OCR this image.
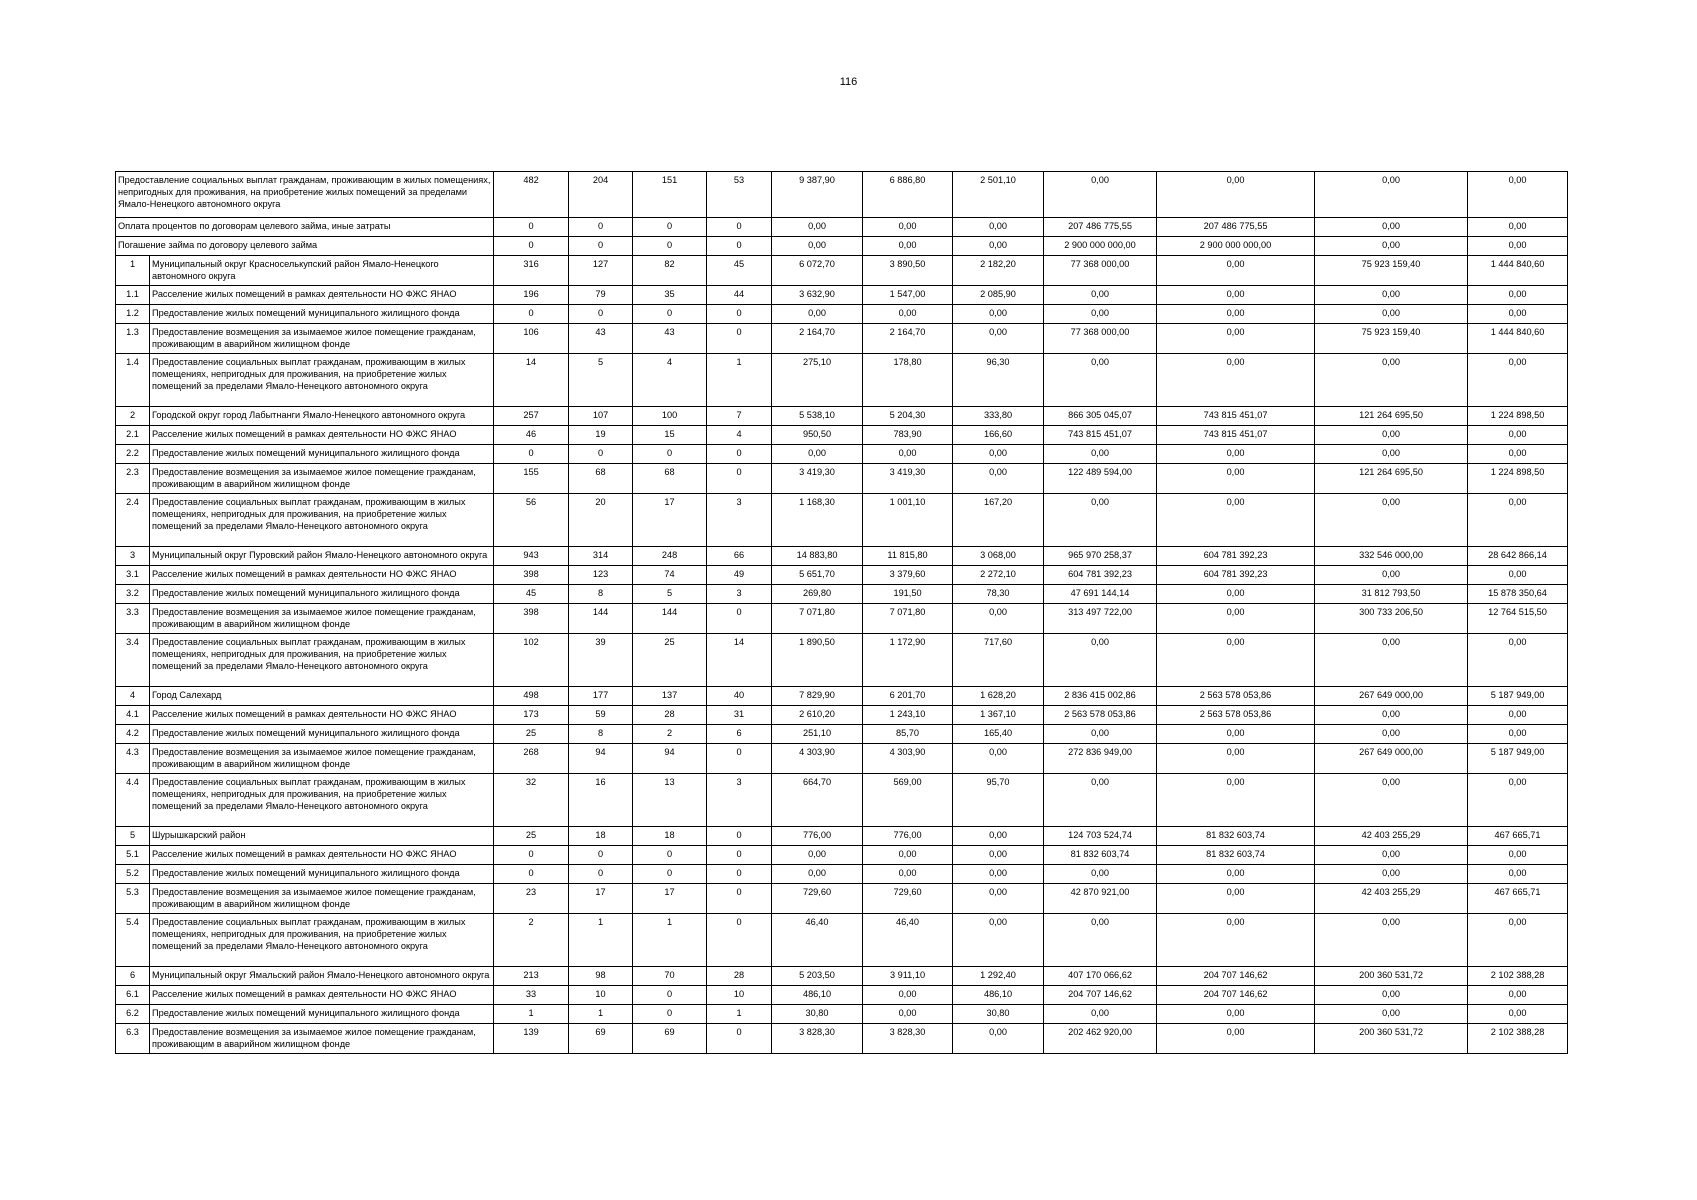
116
Предоставление социальных выплат гражданам, проживающим в жилых помещениях, непригодных для проживания, на приобретение жилых помещений за пределами Ямало-Ненецкого автономного округа		482	204	151	53	9 387,90	6 886,80	2 501,10	0,00	0,00	0,00	0,00
Оплата процентов по договорам целевого займа, иные затраты		0	0	0	0	0,00	0,00	0,00	207 486 775,55	207 486 775,55	0,00	0,00
Погашение займа по договору целевого займа		0	0	0	0	0,00	0,00	0,00	2 900 000 000,00	2 900 000 000,00	0,00	0,00
1	Муниципальный округ Красноселькупский район Ямало-Ненецкого автономного округа	316	127	82	45	6 072,70	3 890,50	2 182,20	77 368 000,00	0,00	75 923 159,40	1 444 840,60
1.1	Расселение жилых помещений в рамках деятельности НО ФЖС ЯНАО	196	79	35	44	3 632,90	1 547,00	2 085,90	0,00	0,00	0,00	0,00
1.2	Предоставление жилых помещений муниципального жилищного фонда	0	0	0	0	0,00	0,00	0,00	0,00	0,00	0,00	0,00
1.3	Предоставление возмещения за изымаемое жилое помещение гражданам, проживающим в аварийном жилищном фонде	106	43	43	0	2 164,70	2 164,70	0,00	77 368 000,00	0,00	75 923 159,40	1 444 840,60
1.4	Предоставление социальных выплат гражданам, проживающим в жилых помещениях, непригодных для проживания, на приобретение жилых помещений за пределами Ямало-Ненецкого автономного округа	14	5	4	1	275,10	178,80	96,30	0,00	0,00	0,00	0,00
2	Городской округ город Лабытнанги Ямало-Ненецкого автономного округа	257	107	100	7	5 538,10	5 204,30	333,80	866 305 045,07	743 815 451,07	121 264 695,50	1 224 898,50
2.1	Расселение жилых помещений в рамках деятельности НО ФЖС ЯНАО	46	19	15	4	950,50	783,90	166,60	743 815 451,07	743 815 451,07	0,00	0,00
2.2	Предоставление жилых помещений муниципального жилищного фонда	0	0	0	0	0,00	0,00	0,00	0,00	0,00	0,00	0,00
2.3	Предоставление возмещения за изымаемое жилое помещение гражданам, проживающим в аварийном жилищном фонде	155	68	68	0	3 419,30	3 419,30	0,00	122 489 594,00	0,00	121 264 695,50	1 224 898,50
2.4	Предоставление социальных выплат гражданам, проживающим в жилых помещениях, непригодных для проживания, на приобретение жилых помещений за пределами Ямало-Ненецкого автономного округа	56	20	17	3	1 168,30	1 001,10	167,20	0,00	0,00	0,00	0,00
3	Муниципальный округ Пуровский район Ямало-Ненецкого автономного округа	943	314	248	66	14 883,80	11 815,80	3 068,00	965 970 258,37	604 781 392,23	332 546 000,00	28 642 866,14
3.1	Расселение жилых помещений в рамках деятельности НО ФЖС ЯНАО	398	123	74	49	5 651,70	3 379,60	2 272,10	604 781 392,23	604 781 392,23	0,00	0,00
3.2	Предоставление жилых помещений муниципального жилищного фонда	45	8	5	3	269,80	191,50	78,30	47 691 144,14	0,00	31 812 793,50	15 878 350,64
3.3	Предоставление возмещения за изымаемое жилое помещение гражданам, проживающим в аварийном жилищном фонде	398	144	144	0	7 071,80	7 071,80	0,00	313 497 722,00	0,00	300 733 206,50	12 764 515,50
3.4	Предоставление социальных выплат гражданам, проживающим в жилых помещениях, непригодных для проживания, на приобретение жилых помещений за пределами Ямало-Ненецкого автономного округа	102	39	25	14	1 890,50	1 172,90	717,60	0,00	0,00	0,00	0,00
4	Город Салехард	498	177	137	40	7 829,90	6 201,70	1 628,20	2 836 415 002,86	2 563 578 053,86	267 649 000,00	5 187 949,00
4.1	Расселение жилых помещений в рамках деятельности НО ФЖС ЯНАО	173	59	28	31	2 610,20	1 243,10	1 367,10	2 563 578 053,86	2 563 578 053,86	0,00	0,00
4.2	Предоставление жилых помещений муниципального жилищного фонда	25	8	2	6	251,10	85,70	165,40	0,00	0,00	0,00	0,00
4.3	Предоставление возмещения за изымаемое жилое помещение гражданам, проживающим в аварийном жилищном фонде	268	94	94	0	4 303,90	4 303,90	0,00	272 836 949,00	0,00	267 649 000,00	5 187 949,00
4.4	Предоставление социальных выплат гражданам, проживающим в жилых помещениях, непригодных для проживания, на приобретение жилых помещений за пределами Ямало-Ненецкого автономного округа	32	16	13	3	664,70	569,00	95,70	0,00	0,00	0,00	0,00
5	Шурышкарский район	25	18	18	0	776,00	776,00	0,00	124 703 524,74	81 832 603,74	42 403 255,29	467 665,71
5.1	Расселение жилых помещений в рамках деятельности НО ФЖС ЯНАО	0	0	0	0	0,00	0,00	0,00	81 832 603,74	81 832 603,74	0,00	0,00
5.2	Предоставление жилых помещений муниципального жилищного фонда	0	0	0	0	0,00	0,00	0,00	0,00	0,00	0,00	0,00
5.3	Предоставление возмещения за изымаемое жилое помещение гражданам, проживающим в аварийном жилищном фонде	23	17	17	0	729,60	729,60	0,00	42 870 921,00	0,00	42 403 255,29	467 665,71
5.4	Предоставление социальных выплат гражданам, проживающим в жилых помещениях, непригодных для проживания, на приобретение жилых помещений за пределами Ямало-Ненецкого автономного округа	2	1	1	0	46,40	46,40	0,00	0,00	0,00	0,00	0,00
6	Муниципальный округ Ямальский район Ямало-Ненецкого автономного округа	213	98	70	28	5 203,50	3 911,10	1 292,40	407 170 066,62	204 707 146,62	200 360 531,72	2 102 388,28
6.1	Расселение жилых помещений в рамках деятельности НО ФЖС ЯНАО	33	10	0	10	486,10	0,00	486,10	204 707 146,62	204 707 146,62	0,00	0,00
6.2	Предоставление жилых помещений муниципального жилищного фонда	1	1	0	1	30,80	0,00	30,80	0,00	0,00	0,00	0,00
6.3	Предоставление возмещения за изымаемое жилое помещение гражданам, проживающим в аварийном жилищном фонде	139	69	69	0	3 828,30	3 828,30	0,00	202 462 920,00	0,00	200 360 531,72	2 102 388,28
